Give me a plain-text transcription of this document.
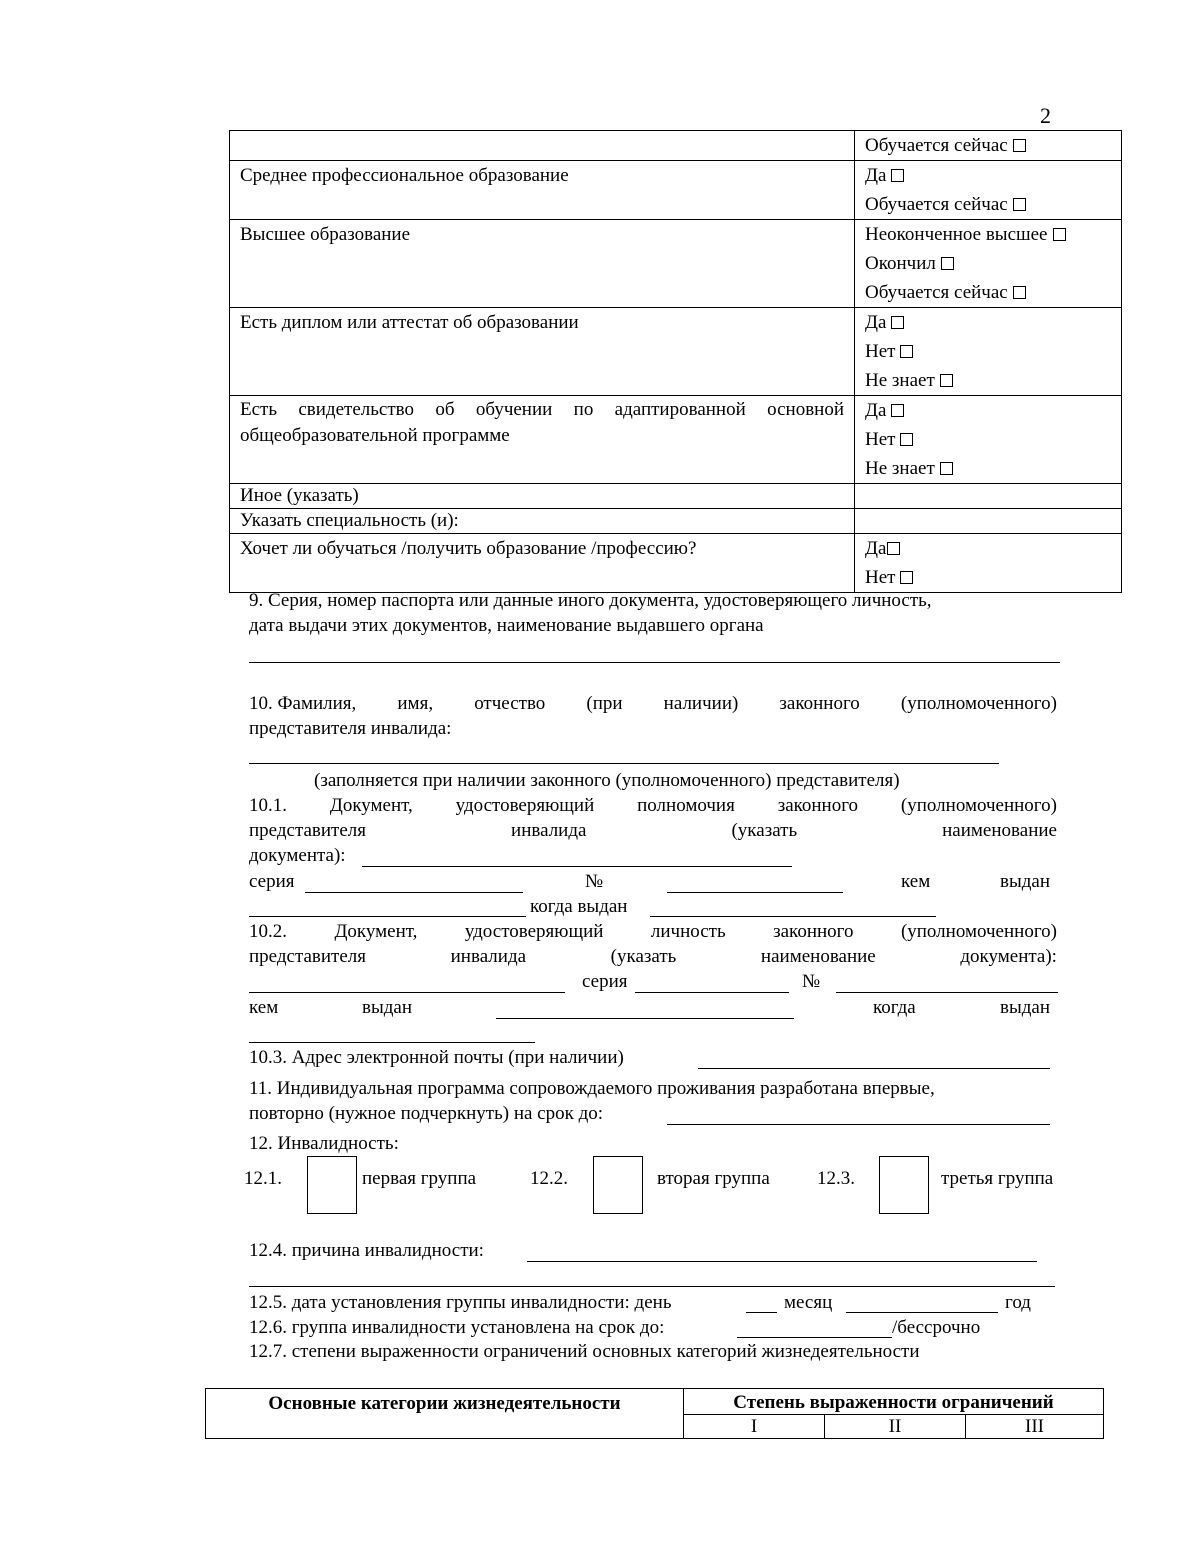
2

	Обучается сейчас

Среднее профессиональное образование	Да
Обучается сейчас

Высшее образование	Неоконченное высшее
Окончил
Обучается сейчас

Есть диплом или аттестат об образовании	Да
Нет
Не знает

Есть свидетельство об обучении по адаптированной основной общеобразовательной программе	Да
Нет
Не знает

Иное (указать)	
Указать специальность (и):	
Хочет ли обучаться /получить образование /профессию?	Да
Нет
9. Серия, номер паспорта или данные иного документа, удостоверяющего личность,
дата выдачи этих документов, наименование выдавшего органа
10. Фамилия, имя, отчество (при наличии) законного (уполномоченного)
представителя инвалида:
(заполняется при наличии законного (уполномоченного) представителя)
10.1. Документ, удостоверяющий полномочия законного (уполномоченного)
представителя	инвалида	(указать	наименование
документа):
серия	№	кем	выдан
когда выдан
10.2. Документ, удостоверяющий личность законного (уполномоченного)
представителя	инвалида	(указать	наименование	документа):
серия	№
кем	выдан	когда	выдан
10.3. Адрес электронной почты (при наличии)
11. Индивидуальная программа сопровождаемого проживания разработана впервые,
повторно (нужное подчеркнуть) на срок до:
12. Инвалидность:
12.1.	первая группа	12.2.	вторая группа 12.3.	третья группа
12.4. причина инвалидности:
12.5. дата установления группы инвалидности: день	месяц	год
12.6. группа инвалидности установлена на срок до:	/бессрочно
12.7. степени выраженности ограничений основных категорий жизнедеятельности
Основные категории жизнедеятельности	Степень выраженности ограничений		
	I	II	III
